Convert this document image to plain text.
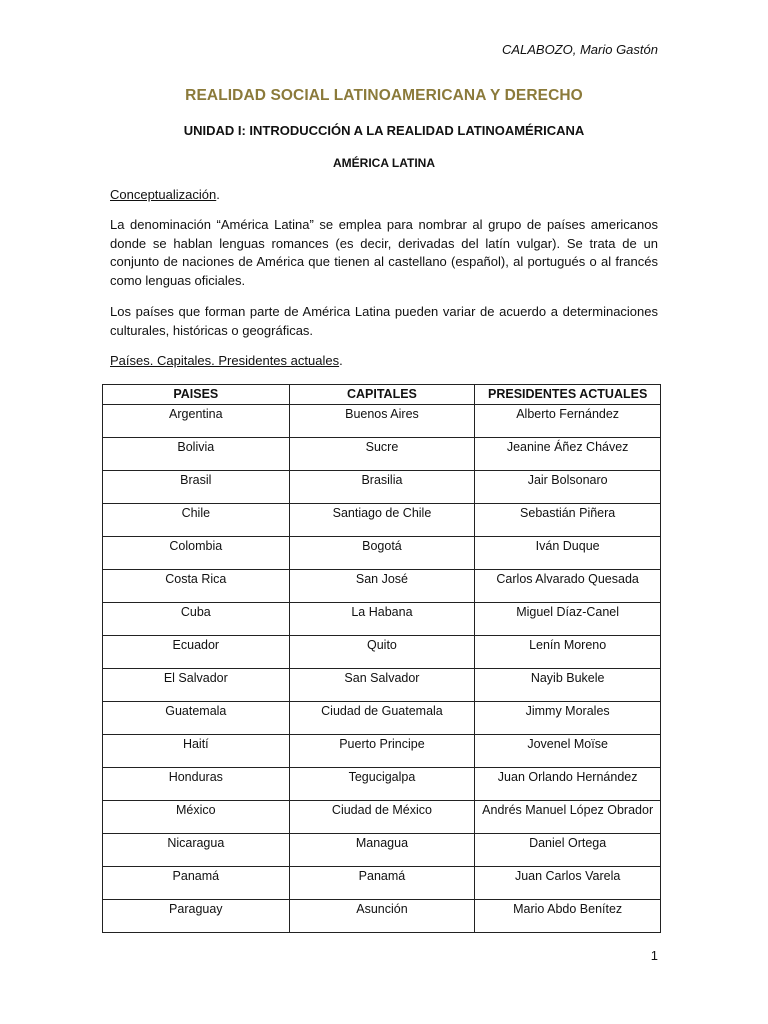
CALABOZO, Mario Gastón
REALIDAD SOCIAL LATINOAMERICANA Y DERECHO
UNIDAD I: INTRODUCCIÓN A LA REALIDAD LATINOAMÉRICANA
AMÉRICA LATINA
Conceptualización.
La denominación “América Latina” se emplea para nombrar al grupo de países americanos donde se hablan lenguas romances (es decir, derivadas del latín vulgar). Se trata de un conjunto de naciones de América que tienen al castellano (español), al portugués o al francés como lenguas oficiales.
Los países que forman parte de América Latina pueden variar de acuerdo a determinaciones culturales, históricas o geográficas.
Países. Capitales. Presidentes actuales.
PAISES	CAPITALES	PRESIDENTES ACTUALES
Argentina	Buenos Aires	Alberto Fernández
Bolivia	Sucre	Jeanine Áñez Chávez
Brasil	Brasilia	Jair Bolsonaro
Chile	Santiago de Chile	Sebastián Piñera
Colombia	Bogotá	Iván Duque
Costa Rica	San José	Carlos Alvarado Quesada
Cuba	La Habana	Miguel Díaz-Canel
Ecuador	Quito	Lenín Moreno
El Salvador	San Salvador	Nayib Bukele
Guatemala	Ciudad de Guatemala	Jimmy Morales
Haití	Puerto Principe	Jovenel Moïse
Honduras	Tegucigalpa	Juan Orlando Hernández
México	Ciudad de México	Andrés Manuel López Obrador
Nicaragua	Managua	Daniel Ortega
Panamá	Panamá	Juan Carlos Varela
Paraguay	Asunción	Mario Abdo Benítez
1
